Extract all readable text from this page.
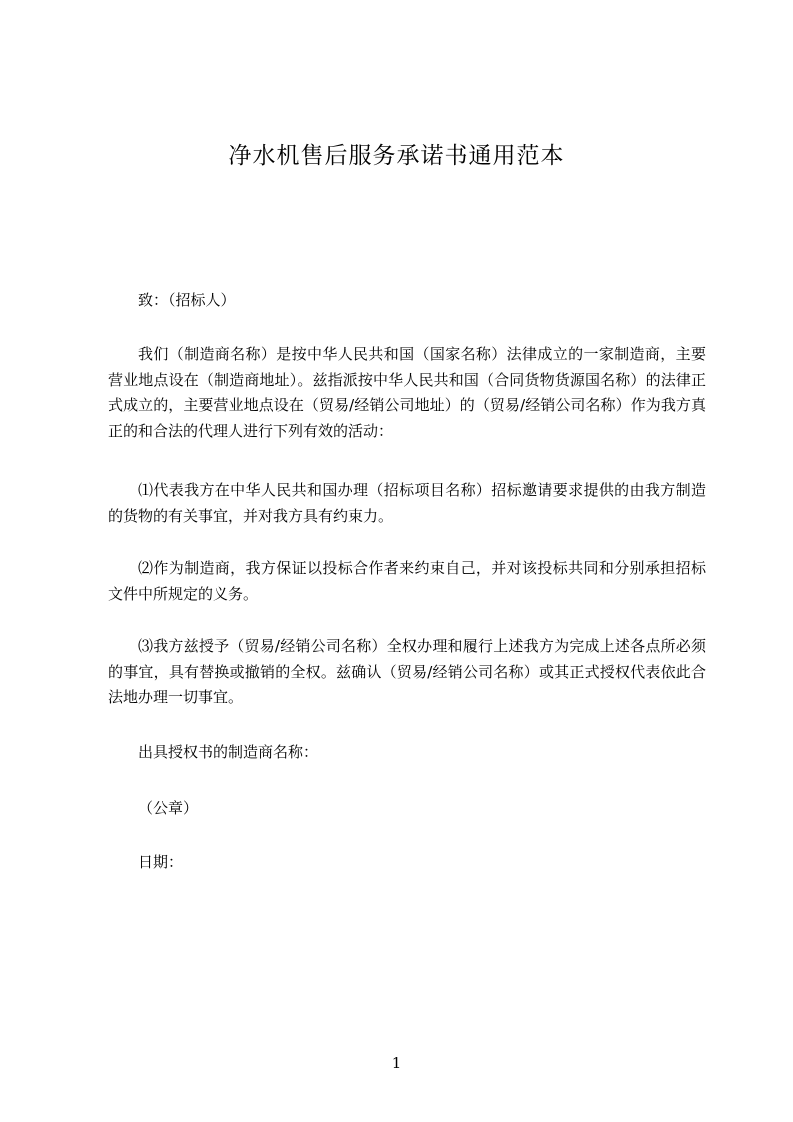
净水机售后服务承诺书通用范本

致：（招标人）

我们（制造商名称）是按中华人民共和国（国家名称）法律成立的一家制造商，主要营业地点设在（制造商地址）。兹指派按中华人民共和国（合同货物货源国名称）的法律正式成立的，主要营业地点设在（贸易/经销公司地址）的（贸易/经销公司名称）作为我方真正的和合法的代理人进行下列有效的活动：

⑴代表我方在中华人民共和国办理（招标项目名称）招标邀请要求提供的由我方制造的货物的有关事宜，并对我方具有约束力。

⑵作为制造商，我方保证以投标合作者来约束自己，并对该投标共同和分别承担招标文件中所规定的义务。

⑶我方兹授予（贸易/经销公司名称）全权办理和履行上述我方为完成上述各点所必须的事宜，具有替换或撤销的全权。兹确认（贸易/经销公司名称）或其正式授权代表依此合法地办理一切事宜。

出具授权书的制造商名称：

（公章）

日期：

1
